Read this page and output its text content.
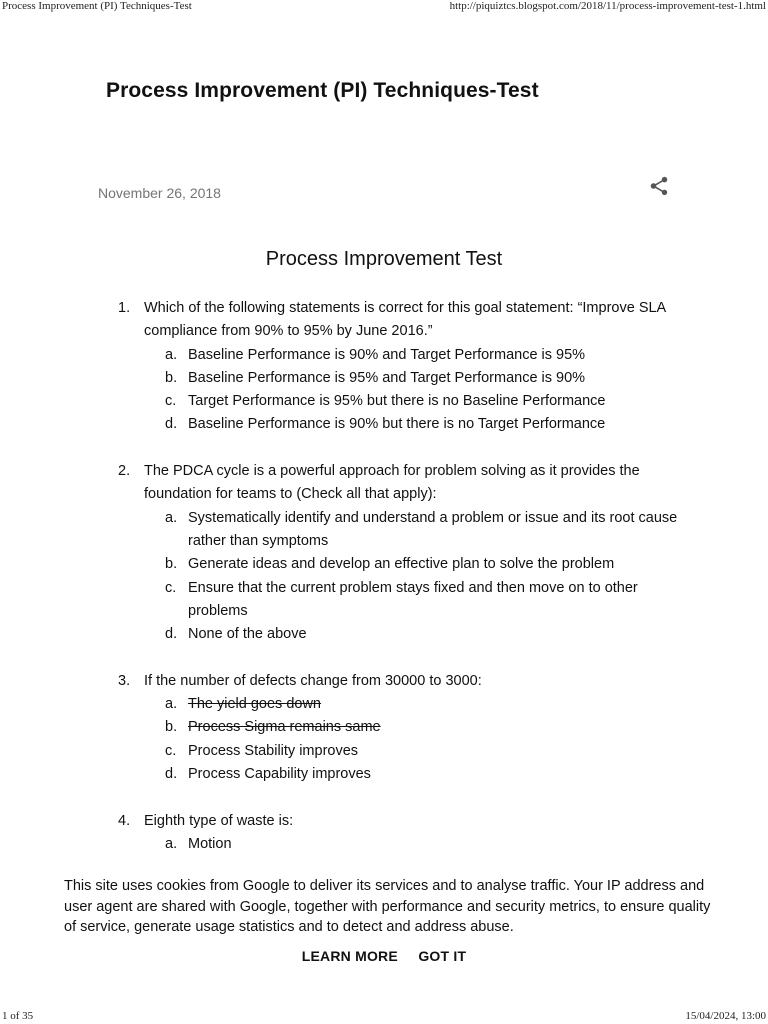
Process Improvement (PI) Techniques-Test	http://piquiztcs.blogspot.com/2018/11/process-improvement-test-1.html
Process Improvement (PI) Techniques-Test
November 26, 2018
Process Improvement Test
1. Which of the following statements is correct for this goal statement: “Improve SLA compliance from 90% to 95% by June 2016.”
a. Baseline Performance is 90% and Target Performance is 95%
b. Baseline Performance is 95% and Target Performance is 90%
c. Target Performance is 95% but there is no Baseline Performance
d. Baseline Performance is 90% but there is no Target Performance
2. The PDCA cycle is a powerful approach for problem solving as it provides the foundation for teams to (Check all that apply):
a. Systematically identify and understand a problem or issue and its root cause rather than symptoms
b. Generate ideas and develop an effective plan to solve the problem
c. Ensure that the current problem stays fixed and then move on to other problems
d. None of the above
3. If the number of defects change from 30000 to 3000:
a. The yield goes down
b. Process Sigma remains same
c. Process Stability improves
d. Process Capability improves
4. Eighth type of waste is:
a. Motion
This site uses cookies from Google to deliver its services and to analyse traffic. Your IP address and user agent are shared with Google, together with performance and security metrics, to ensure quality of service, generate usage statistics and to detect and address abuse.
LEARN MORE GOT IT
1 of 35	15/04/2024, 13:00
